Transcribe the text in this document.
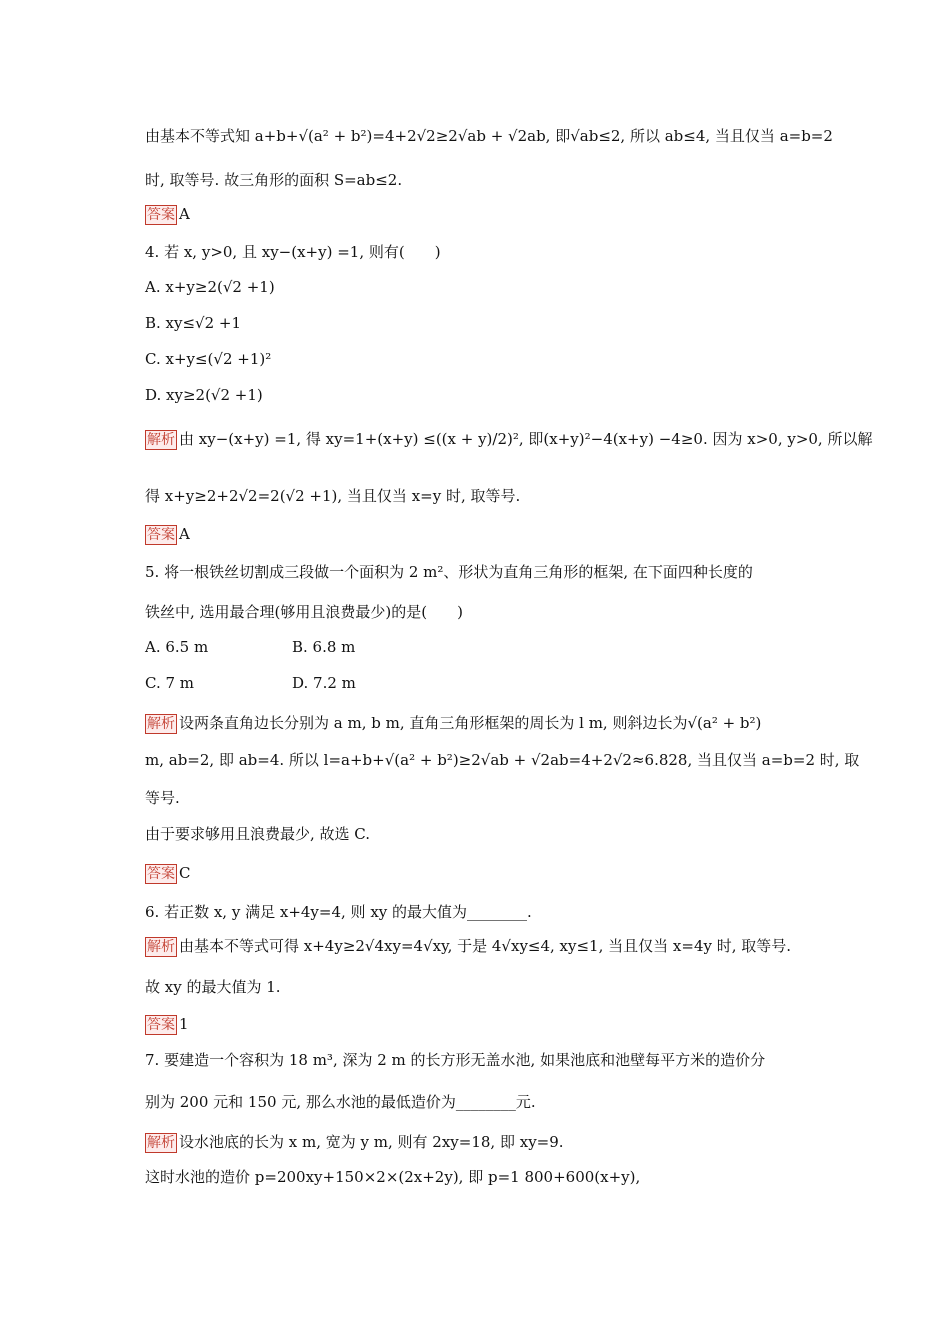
由基本不等式知 a+b+√(a² + b²)=4+2√2≥2√ab + √2ab, 即√ab≤2, 所以 ab≤4, 当且仅当 a=b=2
时, 取等号. 故三角形的面积 S=ab≤2.
答案 A
4. 若 x, y>0, 且 xy−(x+y) =1, 则有(　　)
A. x+y≥2(√2 +1)
B. xy≤√2 +1
C. x+y≤(√2 +1)²
D. xy≥2(√2 +1)
解析 由 xy−(x+y) =1, 得 xy=1+(x+y) ≤((x + y)/2)², 即(x+y)²−4(x+y) −4≥0. 因为 x>0, y>0, 所以解
得 x+y≥2+2√2=2(√2 +1), 当且仅当 x=y 时, 取等号.
答案 A
5. 将一根铁丝切割成三段做一个面积为 2 m²、形状为直角三角形的框架, 在下面四种长度的
铁丝中, 选用最合理(够用且浪费最少)的是(　　)
A. 6.5 m	B. 6.8 m
C. 7 m	D. 7.2 m
解析 设两条直角边长分别为 a m, b m, 直角三角形框架的周长为 l m, 则斜边长为√(a² + b²)
m, ab=2, 即 ab=4. 所以 l=a+b+√(a² + b²)≥2√ab + √2ab=4+2√2≈6.828, 当且仅当 a=b=2 时, 取
等号.
由于要求够用且浪费最少, 故选 C.
答案 C
6. 若正数 x, y 满足 x+4y=4, 则 xy 的最大值为________.
解析 由基本不等式可得 x+4y≥2√4xy=4√xy, 于是 4√xy≤4, xy≤1, 当且仅当 x=4y 时, 取等号.
故 xy 的最大值为 1.
答案 1
7. 要建造一个容积为 18 m³, 深为 2 m 的长方形无盖水池, 如果池底和池壁每平方米的造价分
别为 200 元和 150 元, 那么水池的最低造价为________元.
解析 设水池底的长为 x m, 宽为 y m, 则有 2xy=18, 即 xy=9.
这时水池的造价 p=200xy+150×2×(2x+2y), 即 p=1 800+600(x+y),
